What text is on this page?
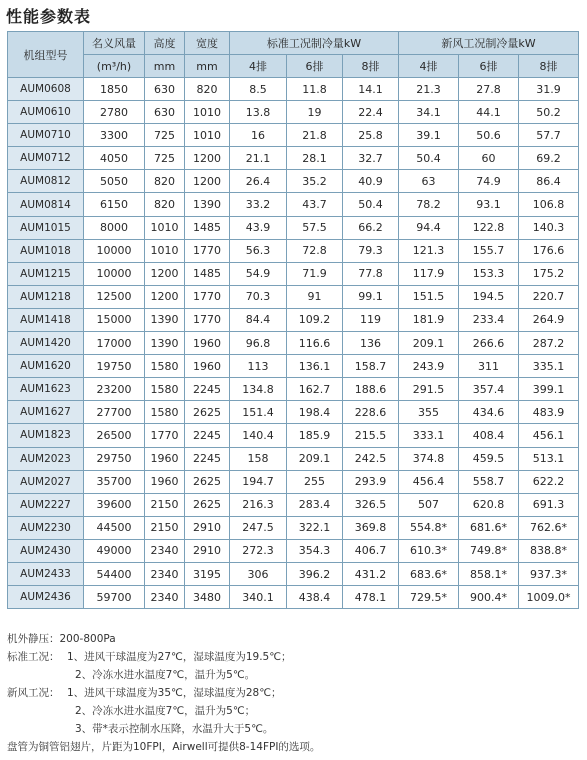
性能参数表
机组型号	名义风量	高度	宽度	标准工况制冷量kW			新风工况制冷量kW		
	(m³/h)	mm	mm	4排	6排	8排	4排	6排	8排
AUM0608	1850	630	820	8.5	11.8	14.1	21.3	27.8	31.9
AUM0610	2780	630	1010	13.8	19	22.4	34.1	44.1	50.2
AUM0710	3300	725	1010	16	21.8	25.8	39.1	50.6	57.7
AUM0712	4050	725	1200	21.1	28.1	32.7	50.4	60	69.2
AUM0812	5050	820	1200	26.4	35.2	40.9	63	74.9	86.4
AUM0814	6150	820	1390	33.2	43.7	50.4	78.2	93.1	106.8
AUM1015	8000	1010	1485	43.9	57.5	66.2	94.4	122.8	140.3
AUM1018	10000	1010	1770	56.3	72.8	79.3	121.3	155.7	176.6
AUM1215	10000	1200	1485	54.9	71.9	77.8	117.9	153.3	175.2
AUM1218	12500	1200	1770	70.3	91	99.1	151.5	194.5	220.7
AUM1418	15000	1390	1770	84.4	109.2	119	181.9	233.4	264.9
AUM1420	17000	1390	1960	96.8	116.6	136	209.1	266.6	287.2
AUM1620	19750	1580	1960	113	136.1	158.7	243.9	311	335.1
AUM1623	23200	1580	2245	134.8	162.7	188.6	291.5	357.4	399.1
AUM1627	27700	1580	2625	151.4	198.4	228.6	355	434.6	483.9
AUM1823	26500	1770	2245	140.4	185.9	215.5	333.1	408.4	456.1
AUM2023	29750	1960	2245	158	209.1	242.5	374.8	459.5	513.1
AUM2027	35700	1960	2625	194.7	255	293.9	456.4	558.7	622.2
AUM2227	39600	2150	2625	216.3	283.4	326.5	507	620.8	691.3
AUM2230	44500	2150	2910	247.5	322.1	369.8	554.8*	681.6*	762.6*
AUM2430	49000	2340	2910	272.3	354.3	406.7	610.3*	749.8*	838.8*
AUM2433	54400	2340	3195	306	396.2	431.2	683.6*	858.1*	937.3*
AUM2436	59700	2340	3480	340.1	438.4	478.1	729.5*	900.4*	1009.0*
机外静压：200-800Pa
标准工况： 1、进风干球温度为27℃，湿球温度为19.5℃；
2、冷冻水进水温度7℃，温升为5℃。
新风工况： 1、进风干球温度为35℃，湿球温度为28℃；
2、冷冻水进水温度7℃，温升为5℃；
3、带*表示控制水压降，水温升大于5℃。
盘管为铜管铝翅片，片距为10FPI，Airwell可提供8-14FPI的选项。
